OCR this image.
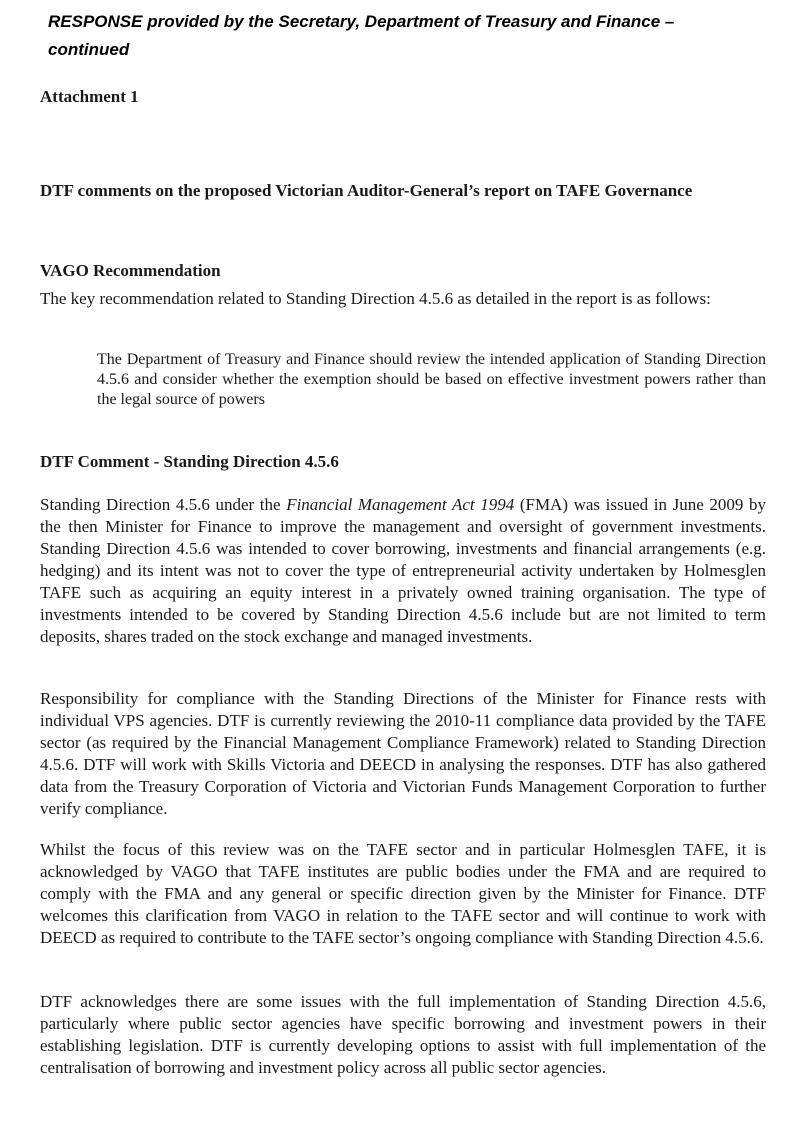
RESPONSE provided by the Secretary, Department of Treasury and Finance –
continued
Attachment 1
DTF comments on the proposed Victorian Auditor-General’s report on TAFE Governance
VAGO Recommendation
The key recommendation related to Standing Direction 4.5.6 as detailed in the report is as follows:
The Department of Treasury and Finance should review the intended application of Standing Direction 4.5.6 and consider whether the exemption should be based on effective investment powers rather than the legal source of powers
DTF Comment - Standing Direction 4.5.6
Standing Direction 4.5.6 under the Financial Management Act 1994 (FMA) was issued in June 2009 by the then Minister for Finance to improve the management and oversight of government investments. Standing Direction 4.5.6 was intended to cover borrowing, investments and financial arrangements (e.g. hedging) and its intent was not to cover the type of entrepreneurial activity undertaken by Holmesglen TAFE such as acquiring an equity interest in a privately owned training organisation. The type of investments intended to be covered by Standing Direction 4.5.6 include but are not limited to term deposits, shares traded on the stock exchange and managed investments.
Responsibility for compliance with the Standing Directions of the Minister for Finance rests with individual VPS agencies. DTF is currently reviewing the 2010-11 compliance data provided by the TAFE sector (as required by the Financial Management Compliance Framework) related to Standing Direction 4.5.6. DTF will work with Skills Victoria and DEECD in analysing the responses. DTF has also gathered data from the Treasury Corporation of Victoria and Victorian Funds Management Corporation to further verify compliance.
Whilst the focus of this review was on the TAFE sector and in particular Holmesglen TAFE, it is acknowledged by VAGO that TAFE institutes are public bodies under the FMA and are required to comply with the FMA and any general or specific direction given by the Minister for Finance. DTF welcomes this clarification from VAGO in relation to the TAFE sector and will continue to work with DEECD as required to contribute to the TAFE sector’s ongoing compliance with Standing Direction 4.5.6.
DTF acknowledges there are some issues with the full implementation of Standing Direction 4.5.6, particularly where public sector agencies have specific borrowing and investment powers in their establishing legislation. DTF is currently developing options to assist with full implementation of the centralisation of borrowing and investment policy across all public sector agencies.
